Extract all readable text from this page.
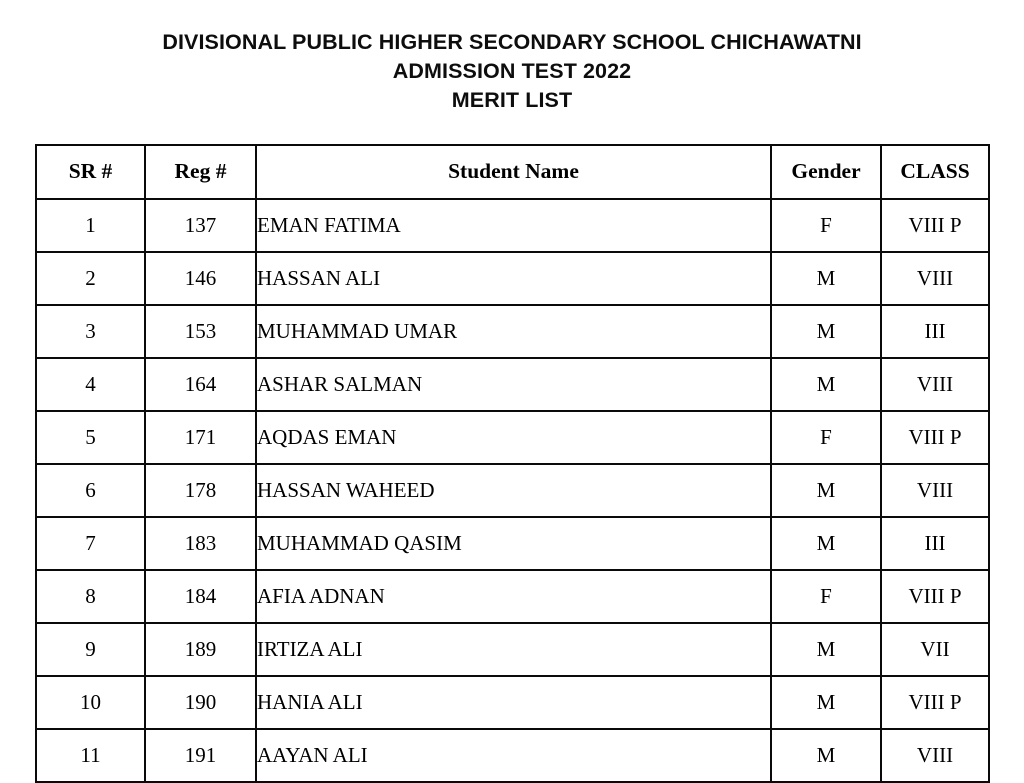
DIVISIONAL PUBLIC HIGHER SECONDARY SCHOOL CHICHAWATNI
ADMISSION TEST 2022
MERIT LIST
SR #	Reg #	Student Name	Gender	CLASS
1	137	EMAN FATIMA	F	VIII P
2	146	HASSAN ALI	M	VIII
3	153	MUHAMMAD UMAR	M	III
4	164	ASHAR SALMAN	M	VIII
5	171	AQDAS EMAN	F	VIII P
6	178	HASSAN WAHEED	M	VIII
7	183	MUHAMMAD QASIM	M	III
8	184	AFIA ADNAN	F	VIII P
9	189	IRTIZA ALI	M	VII
10	190	HANIA ALI	M	VIII P
11	191	AAYAN ALI	M	VIII
